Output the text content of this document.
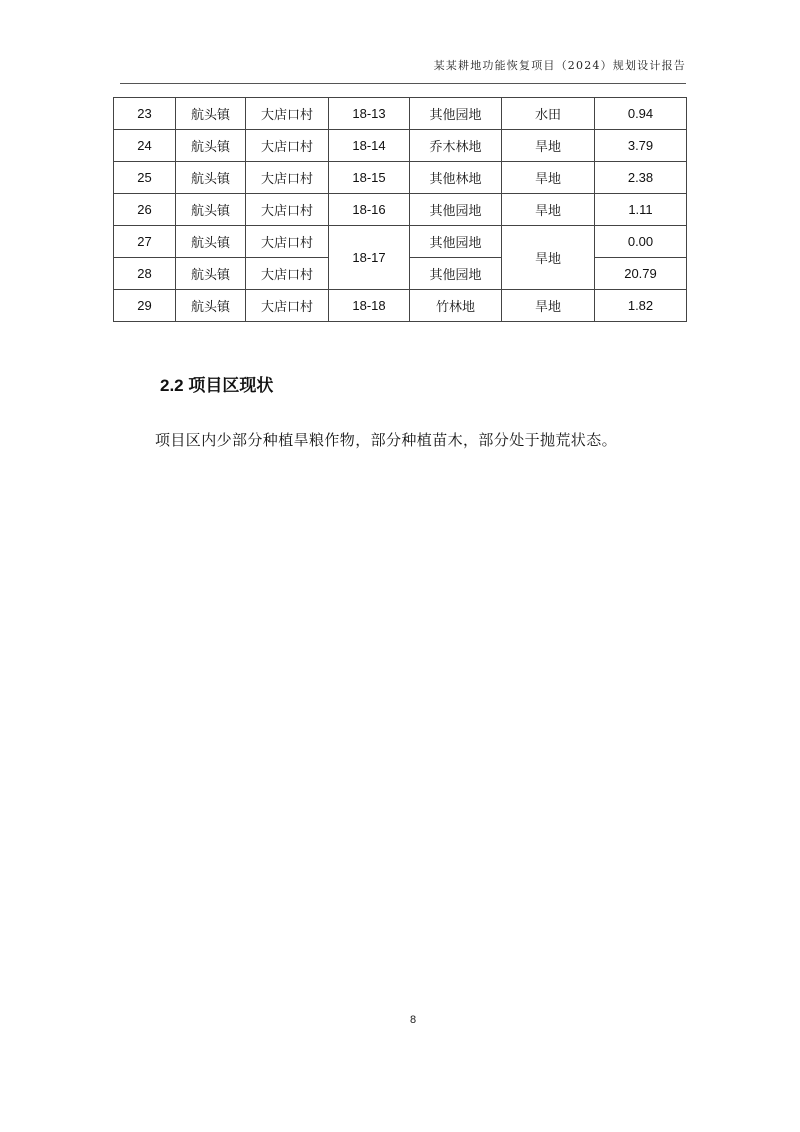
某某耕地功能恢复项目（2024）规划设计报告
23	航头镇	大店口村	18-13	其他园地	水田	0.94
24	航头镇	大店口村	18-14	乔木林地	旱地	3.79
25	航头镇	大店口村	18-15	其他林地	旱地	2.38
26	航头镇	大店口村	18-16	其他园地	旱地	1.11
27	航头镇	大店口村	18-17	其他园地	旱地	0.00
28	航头镇	大店口村		其他园地		20.79
29	航头镇	大店口村	18-18	竹林地	旱地	1.82
2.2 项目区现状
项目区内少部分种植旱粮作物，部分种植苗木，部分处于抛荒状态。
8
